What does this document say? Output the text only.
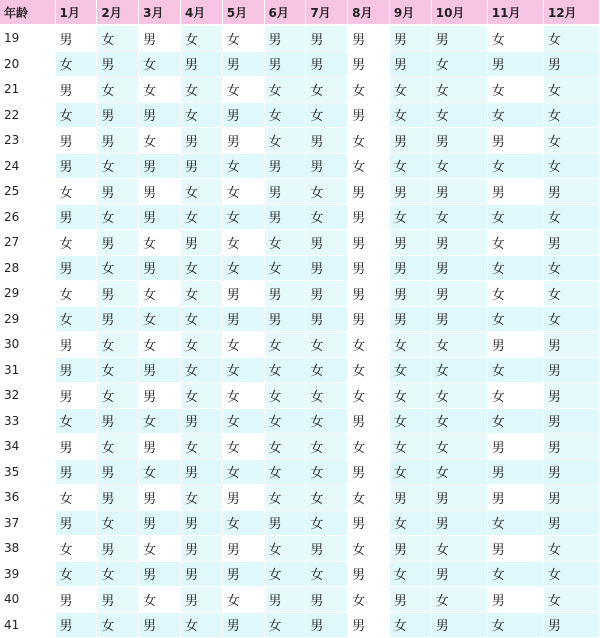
年龄	1月	2月	3月	4月	5月	6月	7月	8月	9月	10月	11月	12月
19	男	女	男	女	女	男	男	男	男	男	女	女
20	女	男	女	男	男	男	男	男	男	女	男	男
21	男	女	女	女	女	女	女	女	女	女	女	女
22	女	男	男	女	男	女	女	男	女	女	女	女
23	男	男	女	男	男	女	男	女	男	男	男	女
24	男	女	男	男	女	男	男	女	女	女	女	女
25	女	男	男	女	女	男	女	男	男	男	男	男
26	男	女	男	女	女	男	女	男	女	女	女	女
27	女	男	女	男	女	女	男	男	男	男	女	男
28	男	女	男	女	女	女	男	男	男	男	女	女
29	女	男	女	女	男	男	男	男	男	男	女	女
29	女	男	女	女	男	男	男	男	男	男	女	女
30	男	女	女	女	女	女	女	女	女	女	男	男
31	男	女	男	女	女	女	女	女	女	女	女	男
32	男	女	男	女	女	女	女	女	女	女	女	男
33	女	男	女	男	女	女	女	男	女	女	女	男
34	男	女	男	女	女	女	女	女	女	女	男	男
35	男	男	女	男	女	女	女	男	女	女	男	男
36	女	男	男	女	男	女	女	女	男	男	男	男
37	男	女	男	男	女	男	女	男	女	男	女	男
38	女	男	女	男	男	女	男	女	男	女	男	女
39	女	女	男	男	男	女	女	男	女	男	女	女
40	男	男	女	男	女	男	男	女	男	女	男	女
41	男	女	男	女	男	女	男	男	女	男	女	男
